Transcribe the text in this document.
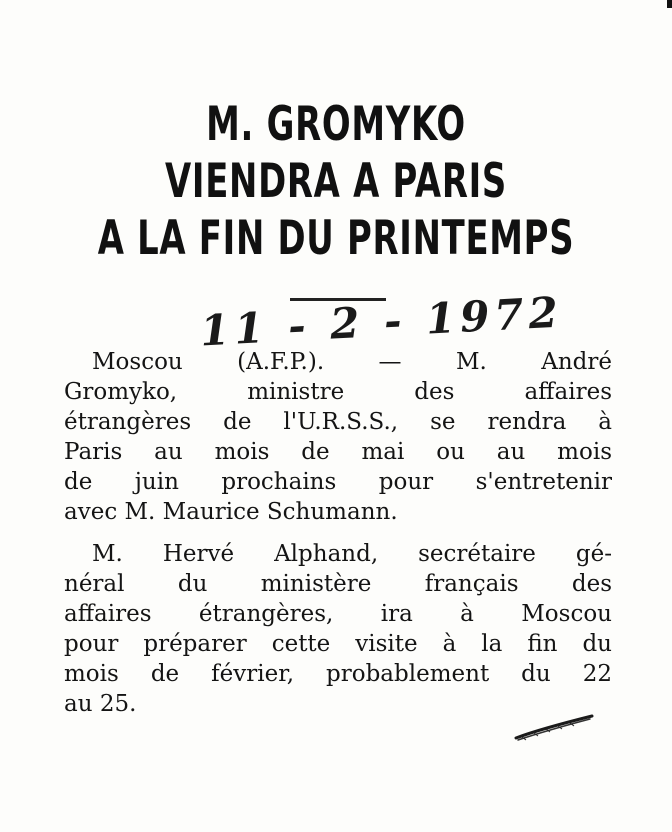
M. GROMYKO
VIENDRA A PARIS
A LA FIN DU PRINTEMPS
11 - 2 - 1972

Moscou (A.F.P.). — M. André
Gromyko, ministre des affaires
étrangères de l'U.R.S.S., se rendra à
Paris au mois de mai ou au mois
de juin prochains pour s'entretenir
avec M. Maurice Schumann.

M. Hervé Alphand, secrétaire gé-
néral du ministère français des
affaires étrangères, ira à Moscou
pour préparer cette visite à la fin du
mois de février, probablement du 22
au 25.
